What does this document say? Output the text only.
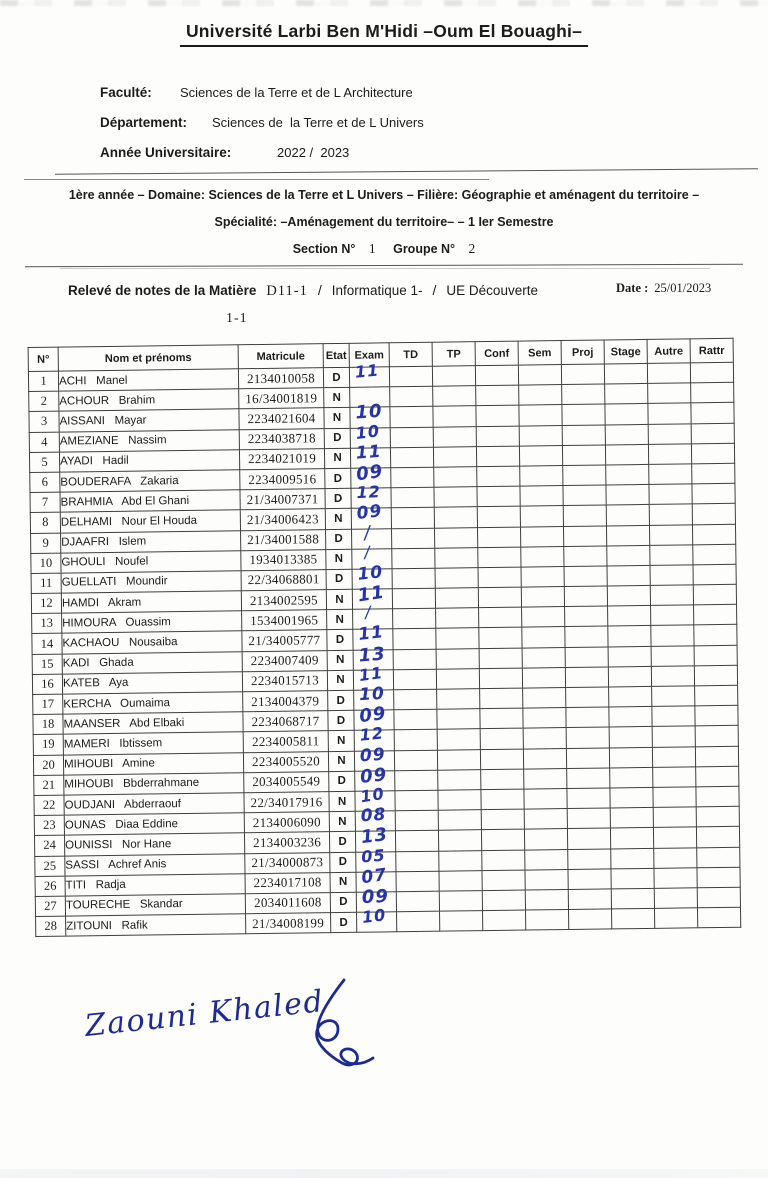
Université Larbi Ben M'Hidi –Oum El Bouaghi–
Faculté: Sciences de la Terre et de L Architecture
Département: Sciences de  la Terre et de L Univers
Année Universitaire:	2022 /  2023
1ère année – Domaine: Sciences de la Terre et L Univers – Filière: Géographie et aménagent du territoire –
Spécialité: –Aménagement du territoire– – 1 Ier Semestre
Section N° 1 Groupe N° 2
Relevé de notes de la Matière D11-1 / Informatique 1- / UE Découverte	Date : 25/01/2023
1-1
N°	Nom et prénoms	Matricule	Etat	Exam	TD	TP	Conf	Sem	Proj	Stage	Autre	Rattr
1	ACHI   Manel	2134010058	D	11								

2	ACHOUR   Brahim	16/34001819	N									
3	AISSANI   Mayar	2234021604	N	10								

4	AMEZIANE   Nassim	2234038718	D	10								

5	AYADI   Hadil	2234021019	N	11								

6	BOUDERAFA   Zakaria	2234009516	D	09								

7	BRAHMIA   Abd El Ghani	21/34007371	D	12								

8	DELHAMI   Nour El Houda	21/34006423	N	09								

9	DJAAFRI   Islem	21/34001588	D	/								

10	GHOULI   Noufel	1934013385	N	/								

11	GUELLATI   Moundir	22/34068801	D	10								

12	HAMDI   Akram	2134002595	N	11								

13	HIMOURA   Ouassim	1534001965	N	/								

14	KACHAOU   Nousaiba	21/34005777	D	11								

15	KADI   Ghada	2234007409	N	13								

16	KATEB   Aya	2234015713	N	11								

17	KERCHA   Oumaima	2134004379	D	10								

18	MAANSER   Abd Elbaki	2234068717	D	09								

19	MAMERI   Ibtissem	2234005811	N	12								

20	MIHOUBI   Amine	2234005520	N	09								

21	MIHOUBI   Bbderrahmane	2034005549	D	09								

22	OUDJANI   Abderraouf	22/34017916	N	10								

23	OUNAS   Diaa Eddine	2134006090	N	08								

24	OUNISSI   Nor Hane	2134003236	D	13								

25	SASSI   Achref Anis	21/34000873	D	05								

26	TITI   Radja	2234017108	N	07								

27	TOURECHE   Skandar	2034011608	D	09								

28	ZITOUNI   Rafik	21/34008199	D	10								

Zaouni Khaled
